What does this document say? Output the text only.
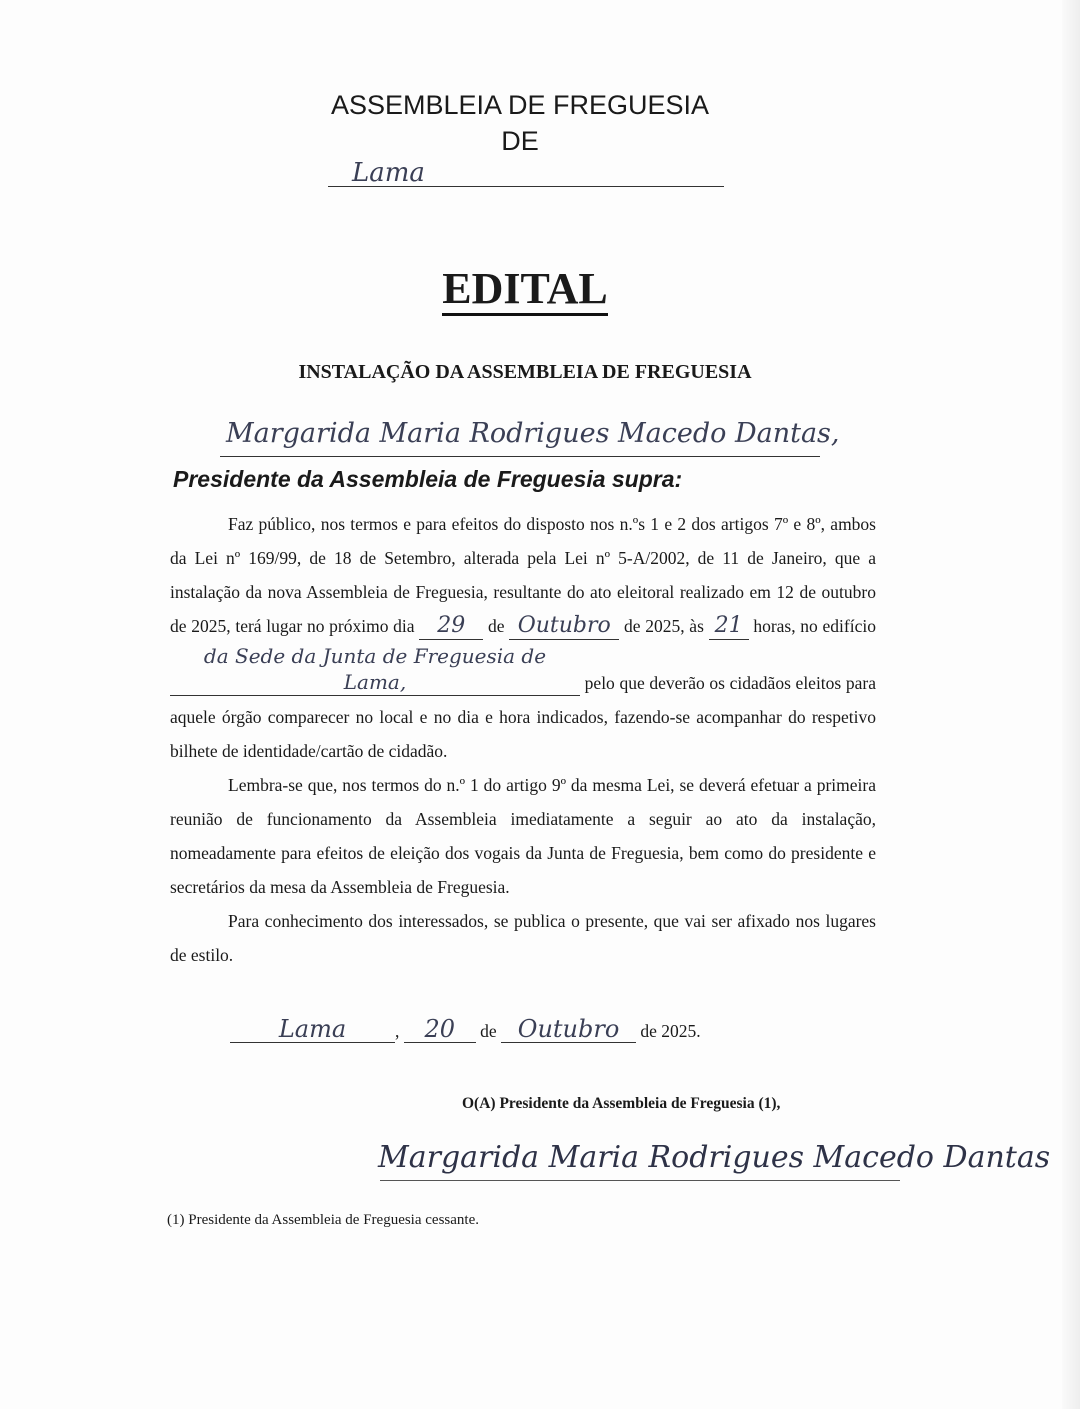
ASSEMBLEIA DE FREGUESIA
DE
Lama
EDITAL
INSTALAÇÃO DA ASSEMBLEIA DE FREGUESIA
Margarida Maria Rodrigues Macedo Dantas,
Presidente da Assembleia de Freguesia supra:

Faz público, nos termos e para efeitos do disposto nos n.ºs 1 e 2 dos artigos 7º e 8º, ambos da Lei nº 169/99, de 18 de Setembro, alterada pela Lei nº 5-A/2002, de 11 de Janeiro, que a instalação da nova Assembleia de Freguesia, resultante do ato eleitoral realizado em 12 de outubro de 2025, terá lugar no próximo dia 29 de Outubro de 2025, às 21 horas, no edifício da Sede da Junta de Freguesia de Lama,	pelo que deverão os cidadãos eleitos para aquele órgão comparecer no local e no dia e hora indicados, fazendo-se acompanhar do respetivo bilhete de identidade/cartão de cidadão.

Lembra-se que, nos termos do n.º 1 do artigo 9º da mesma Lei, se deverá efetuar a primeira reunião de funcionamento da Assembleia imediatamente a seguir ao ato da instalação, nomeadamente para efeitos de eleição dos vogais da Junta de Freguesia, bem como do presidente e secretários da mesa da Assembleia de Freguesia.

Para conhecimento dos interessados, se publica o presente, que vai ser afixado nos lugares de estilo.

Lama	, 20 de Outubro de 2025.
O(A) Presidente da Assembleia de Freguesia (1),
Margarida Maria Rodrigues Macedo Dantas
(1) Presidente da Assembleia de Freguesia cessante.
